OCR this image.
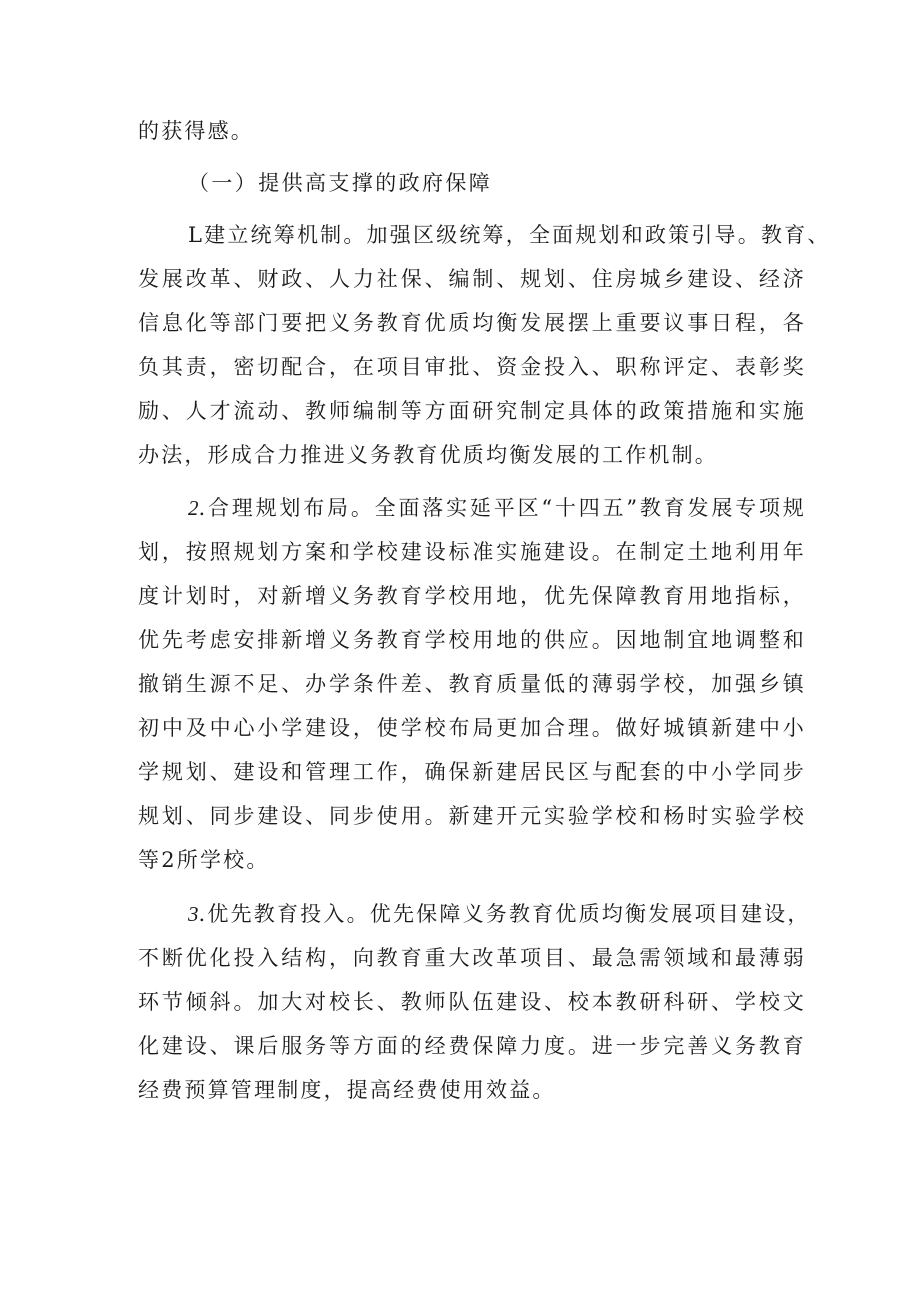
的获得感。
（一）提供高支撑的政府保障
L建立统筹机制。加强区级统筹，全面规划和政策引导。教育、
发展改革、财政、人力社保、编制、规划、住房城乡建设、经济
信息化等部门要把义务教育优质均衡发展摆上重要议事日程，各
负其责，密切配合，在项目审批、资金投入、职称评定、表彰奖
励、人才流动、教师编制等方面研究制定具体的政策措施和实施
办法，形成合力推进义务教育优质均衡发展的工作机制。
2 .合理规划布局。全面落实延平区“十四五”教育发展专项规
划，按照规划方案和学校建设标准实施建设。在制定土地利用年
度计划时，对新增义务教育学校用地，优先保障教育用地指标，
优先考虑安排新增义务教育学校用地的供应。因地制宜地调整和
撤销生源不足、办学条件差、教育质量低的薄弱学校，加强乡镇
初中及中心小学建设，使学校布局更加合理。做好城镇新建中小
学规划、建设和管理工作，确保新建居民区与配套的中小学同步
规划、同步建设、同步使用。新建开元实验学校和杨时实验学校
等2所学校。
3 .优先教育投入。优先保障义务教育优质均衡发展项目建设，
不断优化投入结构，向教育重大改革项目、最急需领域和最薄弱
环节倾斜。加大对校长、教师队伍建设、校本教研科研、学校文
化建设、课后服务等方面的经费保障力度。进一步完善义务教育
经费预算管理制度，提高经费使用效益。
